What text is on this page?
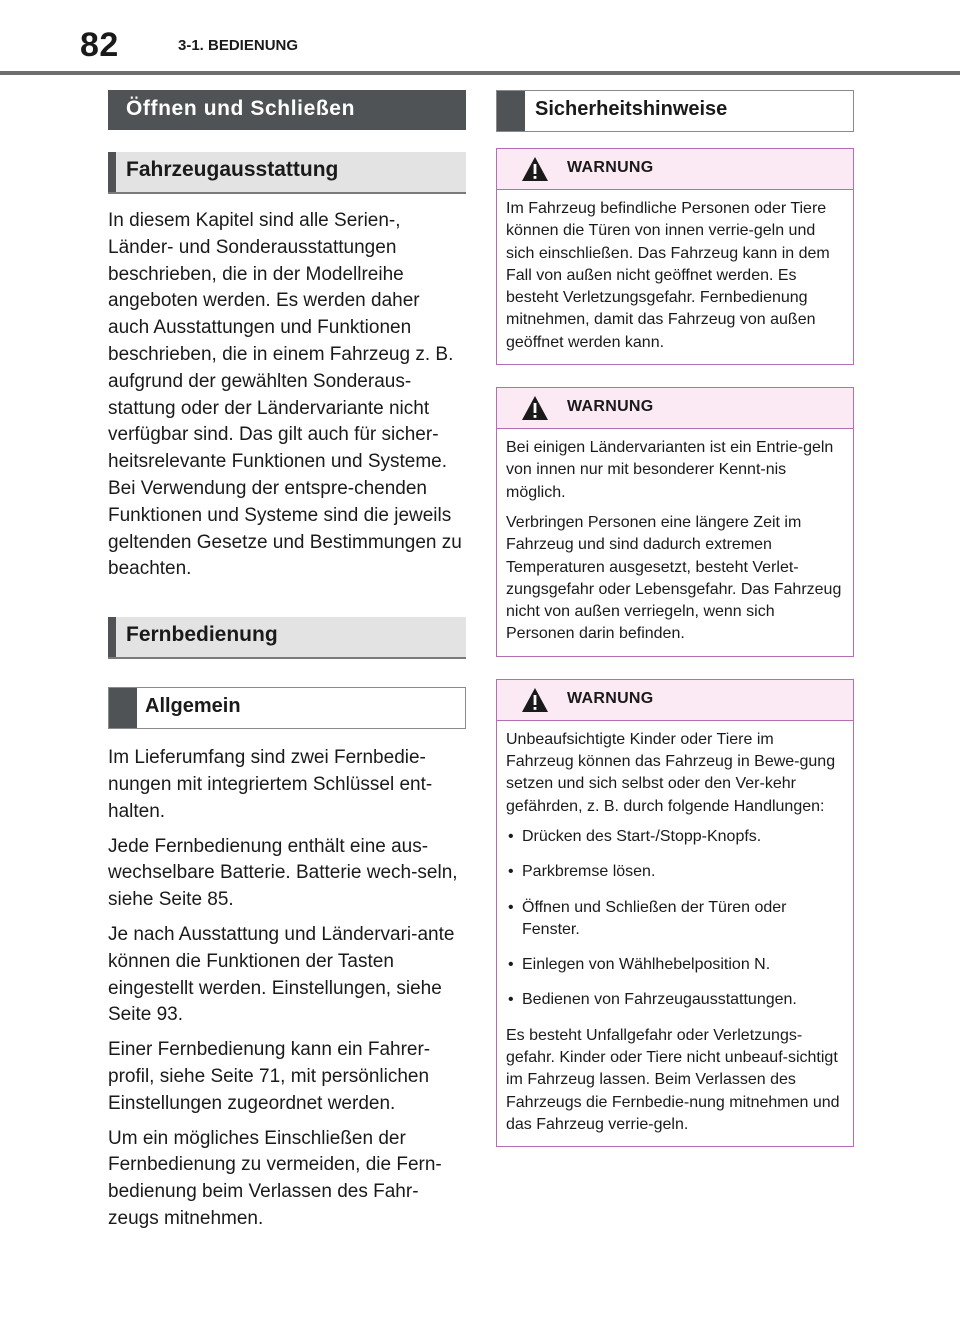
82	3-1. BEDIENUNG
Öffnen und Schließen
Fahrzeugausstattung

In diesem Kapitel sind alle Serien-, Länder- und Sonderausstattungen beschrieben, die in der Modellreihe angeboten werden. Es werden daher auch Ausstattungen und Funktionen beschrieben, die in einem Fahrzeug z. B. aufgrund der gewählten Sonderaus-stattung oder der Ländervariante nicht verfügbar sind. Das gilt auch für sicher-heitsrelevante Funktionen und Systeme. Bei Verwendung der entspre-chenden Funktionen und Systeme sind die jeweils geltenden Gesetze und Bestimmungen zu beachten.

Fernbedienung
Allgemein

Im Lieferumfang sind zwei Fernbedie-nungen mit integriertem Schlüssel ent-halten.

Jede Fernbedienung enthält eine aus-wechselbare Batterie. Batterie wech-seln, siehe Seite 85.

Je nach Ausstattung und Ländervari-ante können die Funktionen der Tasten eingestellt werden. Einstellungen, siehe Seite 93.

Einer Fernbedienung kann ein Fahrer-profil, siehe Seite 71, mit persönlichen Einstellungen zugeordnet werden.

Um ein mögliches Einschließen der Fernbedienung zu vermeiden, die Fern-bedienung beim Verlassen des Fahr-zeugs mitnehmen.

Sicherheitshinweise
WARNUNG

Im Fahrzeug befindliche Personen oder Tiere können die Türen von innen verrie-geln und sich einschließen. Das Fahrzeug kann in dem Fall von außen nicht geöffnet werden. Es besteht Verletzungsgefahr. Fernbedienung mitnehmen, damit das Fahrzeug von außen geöffnet werden kann.

WARNUNG

Bei einigen Ländervarianten ist ein Entrie-geln von innen nur mit besonderer Kennt-nis möglich.

Verbringen Personen eine längere Zeit im Fahrzeug und sind dadurch extremen Temperaturen ausgesetzt, besteht Verlet-zungsgefahr oder Lebensgefahr. Das Fahrzeug nicht von außen verriegeln, wenn sich Personen darin befinden.

WARNUNG

Unbeaufsichtigte Kinder oder Tiere im Fahrzeug können das Fahrzeug in Bewe-gung setzen und sich selbst oder den Ver-kehr gefährden, z. B. durch folgende Handlungen:

• Drücken des Start-/Stopp-Knopfs.
• Parkbremse lösen.
• Öffnen und Schließen der Türen oder Fenster.
• Einlegen von Wählhebelposition N.
• Bedienen von Fahrzeugausstattungen.

Es besteht Unfallgefahr oder Verletzungs-gefahr. Kinder oder Tiere nicht unbeauf-sichtigt im Fahrzeug lassen. Beim Verlassen des Fahrzeugs die Fernbedie-nung mitnehmen und das Fahrzeug verrie-geln.
